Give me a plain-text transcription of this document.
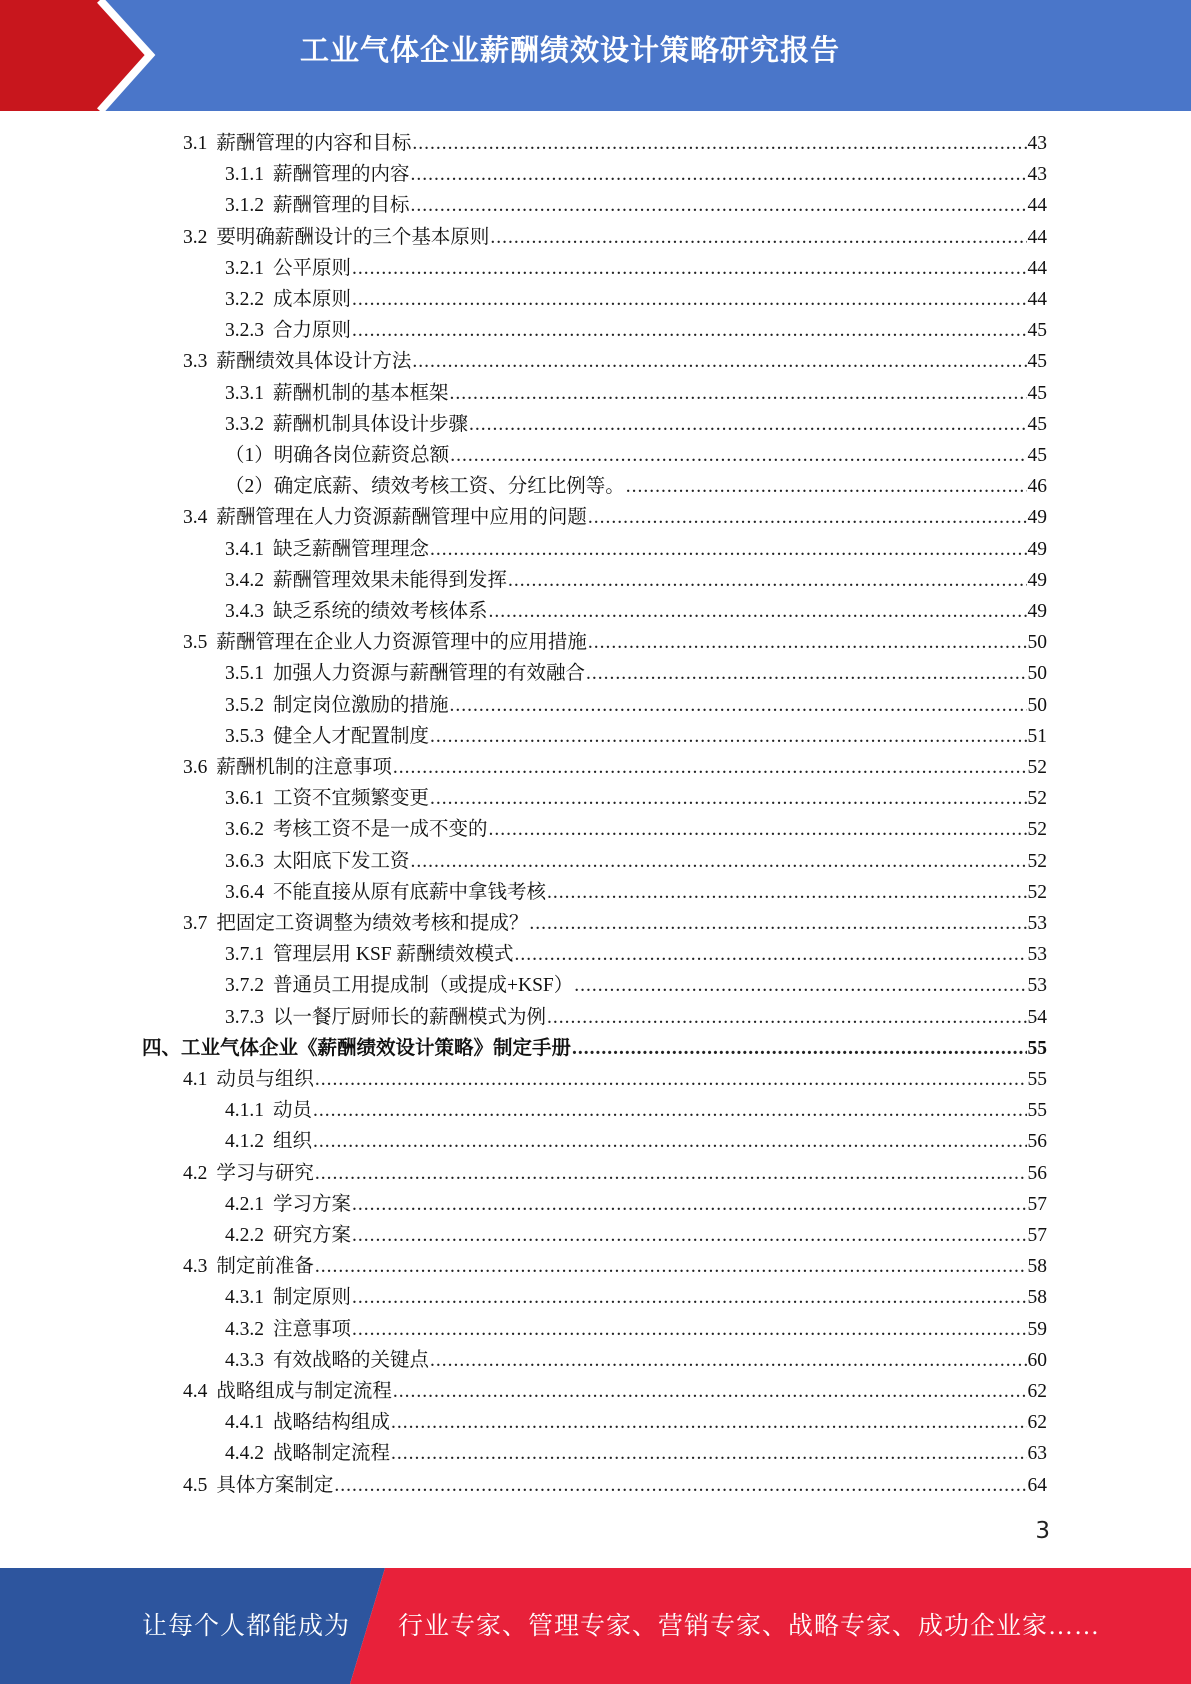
工业气体企业薪酬绩效设计策略研究报告
3.1 薪酬管理的内容和目标 .....	43
3.1.1 薪酬管理的内容 .....	43
3.1.2 薪酬管理的目标 .....	44
3.2 要明确薪酬设计的三个基本原则 .....	44
3.2.1 公平原则 .....	44
3.2.2 成本原则 .....	44
3.2.3 合力原则 .....	45
3.3 薪酬绩效具体设计方法 .....	45
3.3.1 薪酬机制的基本框架 .....	45
3.3.2 薪酬机制具体设计步骤 .....	45
（1）明确各岗位薪资总额 .....	45
（2）确定底薪、绩效考核工资、分红比例等。 .....	46
3.4 薪酬管理在人力资源薪酬管理中应用的问题 .....	49
3.4.1 缺乏薪酬管理理念 .....	49
3.4.2 薪酬管理效果未能得到发挥 .....	49
3.4.3 缺乏系统的绩效考核体系 .....	49
3.5 薪酬管理在企业人力资源管理中的应用措施 .....	50
3.5.1 加强人力资源与薪酬管理的有效融合 .....	50
3.5.2 制定岗位激励的措施 .....	50
3.5.3 健全人才配置制度 .....	51
3.6 薪酬机制的注意事项 .....	52
3.6.1 工资不宜频繁变更 .....	52
3.6.2 考核工资不是一成不变的 .....	52
3.6.3 太阳底下发工资 .....	52
3.6.4 不能直接从原有底薪中拿钱考核 .....	52
3.7 把固定工资调整为绩效考核和提成？ .....	53
3.7.1 管理层用 KSF 薪酬绩效模式 .....	53
3.7.2 普通员工用提成制（或提成+KSF） .....	53
3.7.3 以一餐厅厨师长的薪酬模式为例 .....	54
四、工业气体企业《薪酬绩效设计策略》制定手册 .....	55
4.1 动员与组织 .....	55
4.1.1 动员 .....	55
4.1.2 组织 .....	56
4.2 学习与研究 .....	56
4.2.1 学习方案 .....	57
4.2.2 研究方案 .....	57
4.3 制定前准备 .....	58
4.3.1 制定原则 .....	58
4.3.2 注意事项 .....	59
4.3.3 有效战略的关键点 .....	60
4.4 战略组成与制定流程 .....	62
4.4.1 战略结构组成 .....	62
4.4.2 战略制定流程 .....	63
4.5 具体方案制定 .....	64
3
让每个人都能成为 行业专家、管理专家、营销专家、战略专家、成功企业家……
